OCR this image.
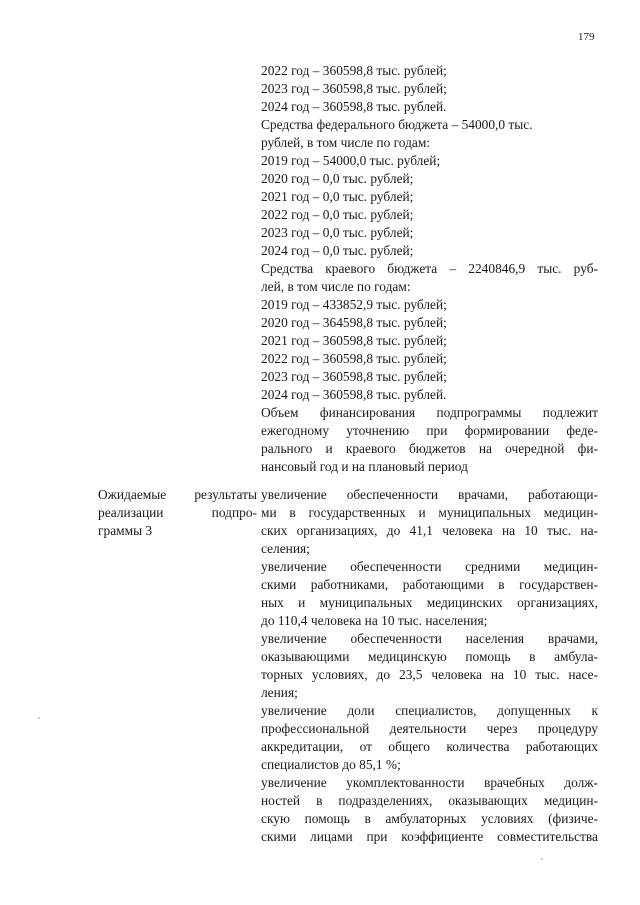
179
2022 год – 360598,8 тыс. рублей;
2023 год – 360598,8 тыс. рублей;
2024 год – 360598,8 тыс. рублей.
Средства федерального бюджета – 54000,0 тыс.
рублей, в том числе по годам:
2019 год – 54000,0 тыс. рублей;
2020 год – 0,0 тыс. рублей;
2021 год – 0,0 тыс. рублей;
2022 год – 0,0 тыс. рублей;
2023 год – 0,0 тыс. рублей;
2024 год – 0,0 тыс. рублей;
Средства краевого бюджета – 2240846,9 тыс. руб-
лей, в том числе по годам:
2019 год – 433852,9 тыс. рублей;
2020 год – 364598,8 тыс. рублей;
2021 год – 360598,8 тыс. рублей;
2022 год – 360598,8 тыс. рублей;
2023 год – 360598,8 тыс. рублей;
2024 год – 360598,8 тыс. рублей.
Объем финансирования подпрограммы подлежит
ежегодному уточнению при формировании феде-
рального и краевого бюджетов на очередной фи-
нансовый год и на плановый период
Ожидаемые результаты
реализации подпро-
граммы 3
увеличение обеспеченности врачами, работающи-
ми в государственных и муниципальных медицин-
ских организациях, до 41,1 человека на 10 тыс. на-
селения;
увеличение обеспеченности средними медицин-
скими работниками, работающими в государствен-
ных и муниципальных медицинских организациях,
до 110,4 человека на 10 тыс. населения;
увеличение обеспеченности населения врачами,
оказывающими медицинскую помощь в амбула-
торных условиях, до 23,5 человека на 10 тыс. насе-
ления;
увеличение доли специалистов, допущенных к
профессиональной деятельности через процедуру
аккредитации, от общего количества работающих
специалистов до 85,1 %;
увеличение укомплектованности врачебных долж-
ностей в подразделениях, оказывающих медицин-
скую помощь в амбулаторных условиях (физиче-
скими лицами при коэффициенте совместительства
